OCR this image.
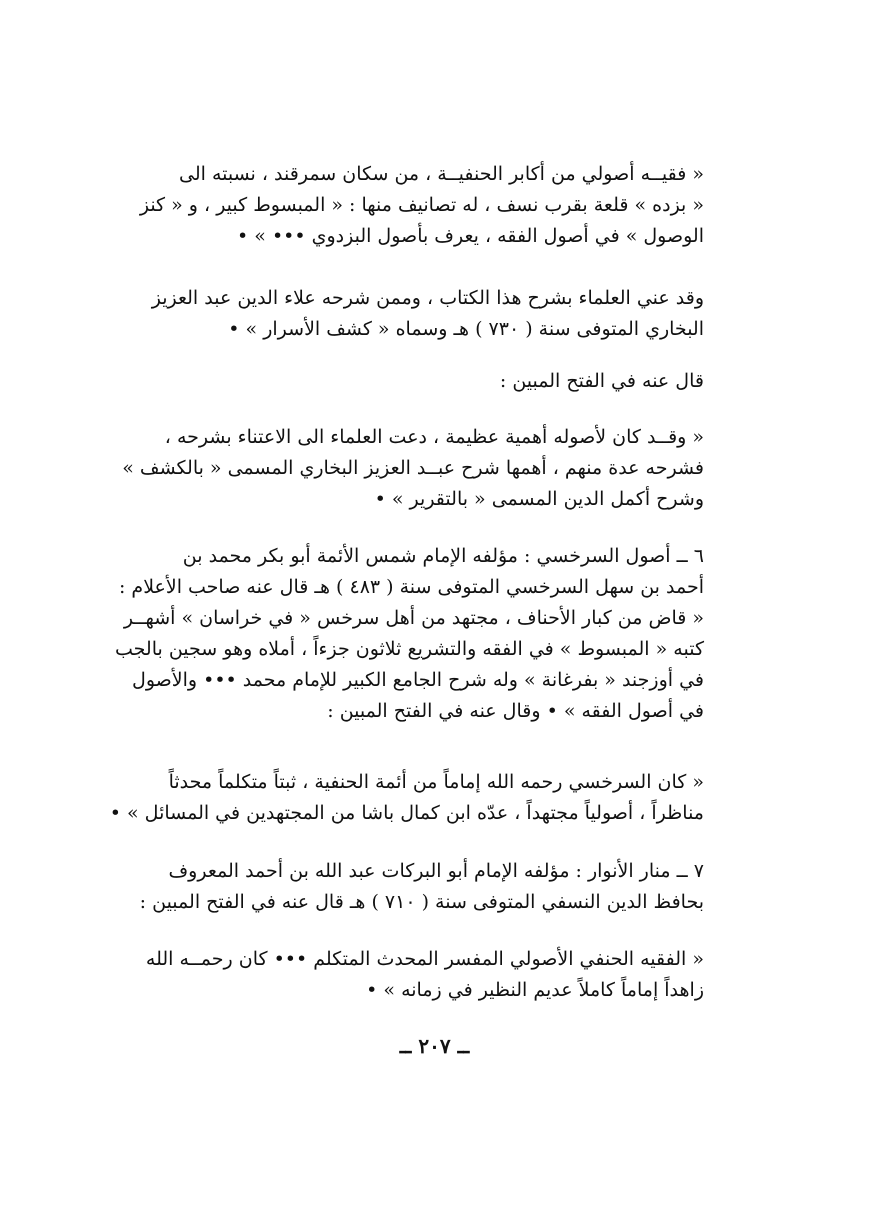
« فقيــه أصولي من أكابر الحنفيــة ، من سكان سمرقند ، نسبته الى
« بزده » قلعة بقرب نسف ، له تصانيف منها : « المبسوط كبير ، و « كنز
الوصول » في أصول الفقه ، يعرف بأصول البزدوي ••• » •
وقد عني العلماء بشرح هذا الكتاب ، وممن شرحه علاء الدين عبد العزيز
البخاري المتوفى سنة ( ٧٣٠ ) هـ وسماه « كشف الأسرار » •
قال عنه في الفتح المبين :
« وقــد كان لأصوله أهمية عظيمة ، دعت العلماء الى الاعتناء بشرحه ،
فشرحه عدة منهم ، أهمها شرح عبــد العزيز البخاري المسمى « بالكشف »
وشرح أكمل الدين المسمى « بالتقرير » •
٦ ــ أصول السرخسي : مؤلفه الإمام شمس الأئمة أبو بكر محمد بن
أحمد بن سهل السرخسي المتوفى سنة ( ٤٨٣ ) هـ قال عنه صاحب الأعلام :
« قاض من كبار الأحناف ، مجتهد من أهل سرخس « في خراسان » أشهــر
كتبه « المبسوط » في الفقه والتشريع ثلاثون جزءاً ، أملاه وهو سجين بالجب
في أوزجند « بفرغانة » وله شرح الجامع الكبير للإمام محمد ••• والأصول
في أصول الفقه » • وقال عنه في الفتح المبين :
« كان السرخسي رحمه الله إماماً من أئمة الحنفية ، ثبتاً متكلماً محدثاً
مناظراً ، أصولياً مجتهداً ، عدّه ابن كمال باشا من المجتهدين في المسائل » •
٧ ــ منار الأنوار : مؤلفه الإمام أبو البركات عبد الله بن أحمد المعروف
بحافظ الدين النسفي المتوفى سنة ( ٧١٠ ) هـ قال عنه في الفتح المبين :
« الفقيه الحنفي الأصولي المفسر المحدث المتكلم ••• كان رحمــه الله
زاهداً إماماً كاملاً عديم النظير في زمانه » •
ــ ٢٠٧ ــ
